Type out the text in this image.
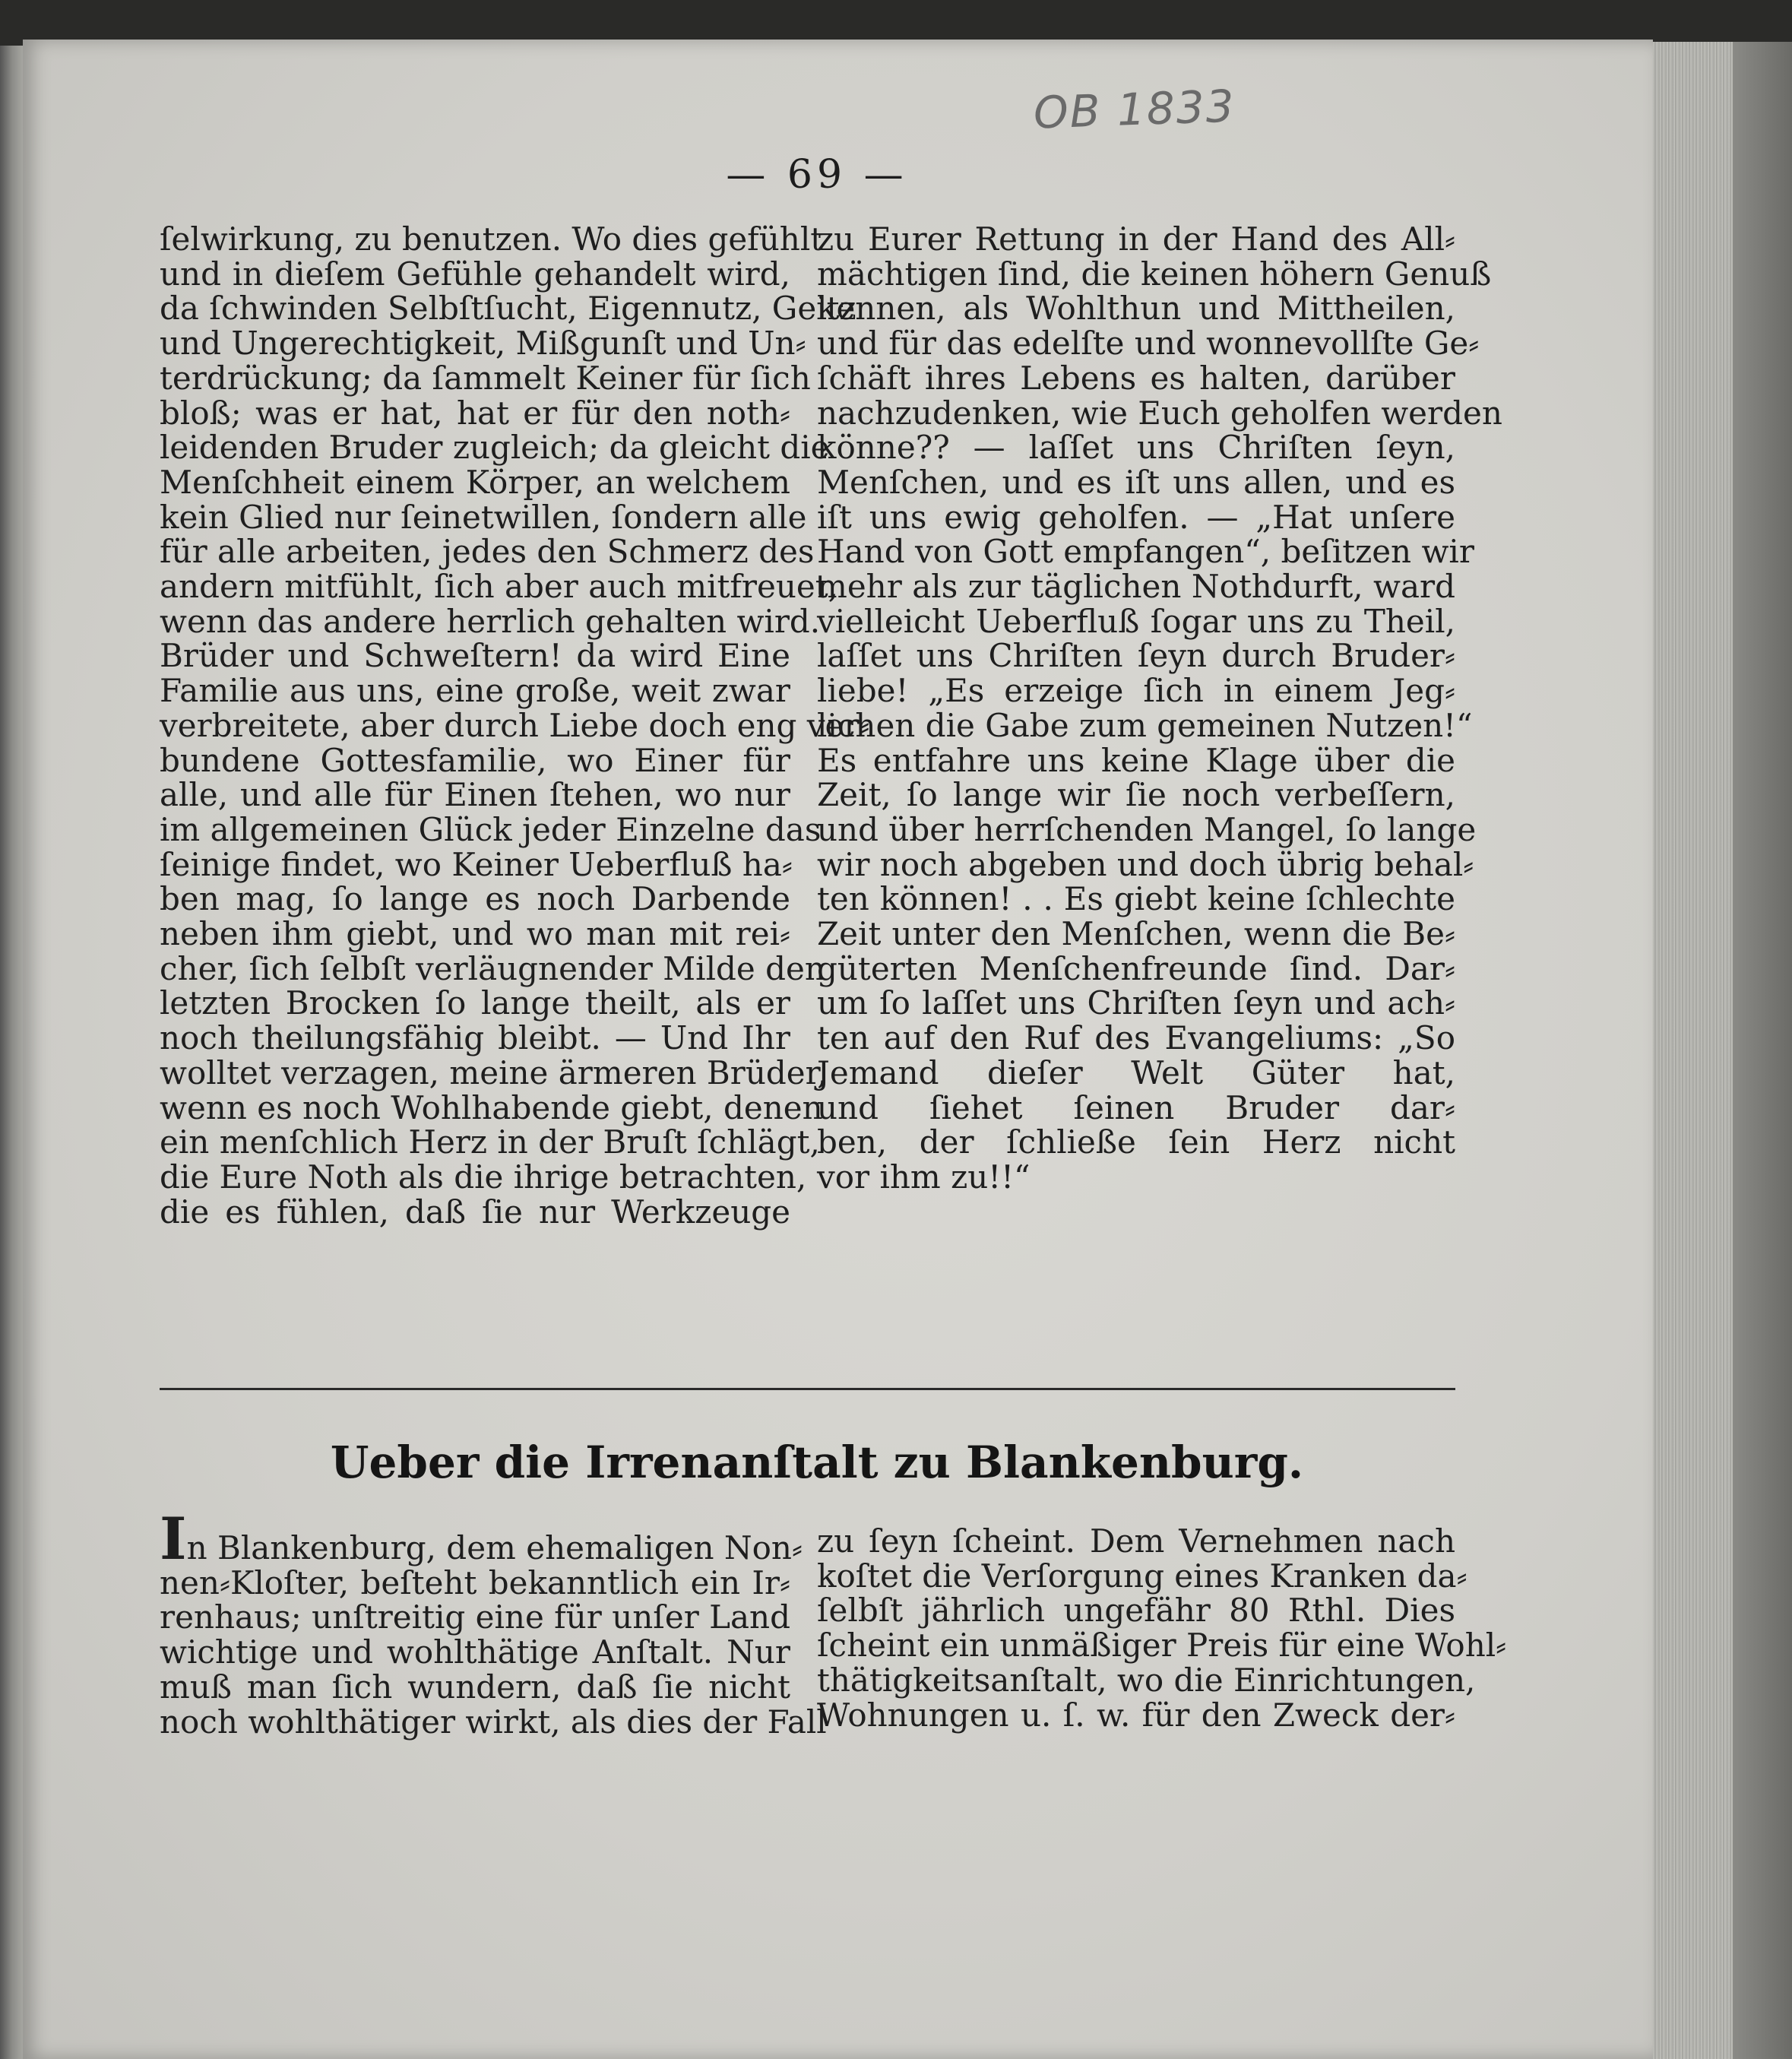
OB 1833
— 69 —
ſelwirkung, zu benutzen. Wo dies gefühlt
und in dieſem Gefühle gehandelt wird,
da ſchwinden Selbſtſucht, Eigennutz, Geitz
und Ungerechtigkeit, Mißgunſt und Un⸗
terdrückung; da ſammelt Keiner für ſich
bloß; was er hat, hat er für den noth⸗
leidenden Bruder zugleich; da gleicht die
Menſchheit einem Körper, an welchem
kein Glied nur ſeinetwillen, ſondern alle
für alle arbeiten, jedes den Schmerz des
andern mitfühlt, ſich aber auch mitfreuet,
wenn das andere herrlich gehalten wird.
Brüder und Schweſtern! da wird Eine
Familie aus uns, eine große, weit zwar
verbreitete, aber durch Liebe doch eng ver⸗
bundene Gottesfamilie, wo Einer für
alle, und alle für Einen ſtehen, wo nur
im allgemeinen Glück jeder Einzelne das
ſeinige findet, wo Keiner Ueberfluß ha⸗
ben mag, ſo lange es noch Darbende
neben ihm giebt, und wo man mit rei⸗
cher, ſich ſelbſt verläugnender Milde den
letzten Brocken ſo lange theilt, als er
noch theilungsfähig bleibt. — Und Ihr
wolltet verzagen, meine ärmeren Brüder,
wenn es noch Wohlhabende giebt, denen
ein menſchlich Herz in der Bruſt ſchlägt,
die Eure Noth als die ihrige betrachten,
die es fühlen, daß ſie nur Werkzeuge
zu Eurer Rettung in der Hand des All⸗
mächtigen ſind, die keinen höhern Genuß
kennen, als Wohlthun und Mittheilen,
und für das edelſte und wonnevollſte Ge⸗
ſchäft ihres Lebens es halten, darüber
nachzudenken, wie Euch geholfen werden
könne?? — laſſet uns Chriſten ſeyn,
Menſchen, und es iſt uns allen, und es
iſt uns ewig geholfen. — „Hat unſere
Hand von Gott empfangen“, beſitzen wir
mehr als zur täglichen Nothdurft, ward
vielleicht Ueberfluß ſogar uns zu Theil,
laſſet uns Chriſten ſeyn durch Bruder⸗
liebe! „Es erzeige ſich in einem Jeg⸗
lichen die Gabe zum gemeinen Nutzen!“
Es entfahre uns keine Klage über die
Zeit, ſo lange wir ſie noch verbeſſern,
und über herrſchenden Mangel, ſo lange
wir noch abgeben und doch übrig behal⸗
ten können! . . Es giebt keine ſchlechte
Zeit unter den Menſchen, wenn die Be⸗
güterten Menſchenfreunde ſind. Dar⸗
um ſo laſſet uns Chriſten ſeyn und ach⸗
ten auf den Ruf des Evangeliums: „So
Jemand dieſer Welt Güter hat,
und ſiehet ſeinen Bruder dar⸗
ben, der ſchließe ſein Herz nicht
vor ihm zu!!“
Ueber die Irrenanſtalt zu Blankenburg.
In Blankenburg, dem ehemaligen Non⸗
nen⸗Kloſter, beſteht bekanntlich ein Ir⸗
renhaus; unſtreitig eine für unſer Land
wichtige und wohlthätige Anſtalt. Nur
muß man ſich wundern, daß ſie nicht
noch wohlthätiger wirkt, als dies der Fall
zu ſeyn ſcheint. Dem Vernehmen nach
koſtet die Verſorgung eines Kranken da⸗
ſelbſt jährlich ungefähr 80 Rthl. Dies
ſcheint ein unmäßiger Preis für eine Wohl⸗
thätigkeitsanſtalt, wo die Einrichtungen,
Wohnungen u. ſ. w. für den Zweck der⸗
